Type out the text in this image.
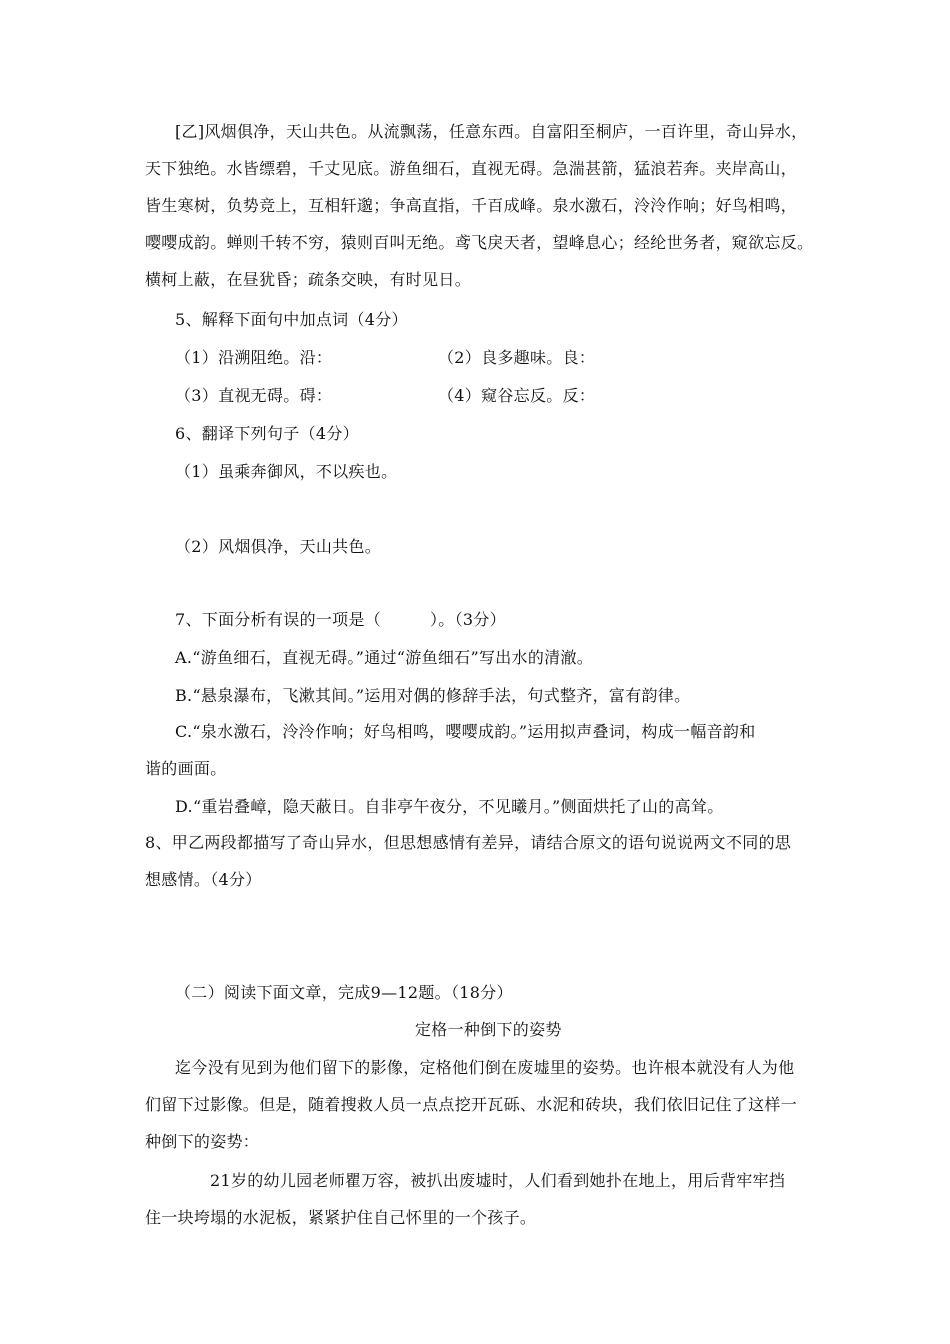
[乙]风烟俱净，天山共色。从流飘荡，任意东西。自富阳至桐庐，一百许里，奇山异水，
天下独绝。水皆缥碧，千丈见底。游鱼细石，直视无碍。急湍甚箭，猛浪若奔。夹岸高山，
皆生寒树，负势竞上，互相轩邈；争高直指，千百成峰。泉水激石，泠泠作响；好鸟相鸣，
嘤嘤成韵。蝉则千转不穷，猿则百叫无绝。鸢飞戾天者，望峰息心；经纶世务者，窥欲忘反。
横柯上蔽，在昼犹昏；疏条交映，有时见日。
5、解释下面句中加点词（4分）
（1）沿溯阻绝。沿：	（2）良多趣味。良：
（3）直视无碍。碍：	（4）窥谷忘反。反：
6、翻译下列句子（4分）
（1）虽乘奔御风，不以疾也。
（2）风烟俱净，天山共色。
7、下面分析有误的一项是（　　　）。（3分）
A.“游鱼细石，直视无碍。”通过“游鱼细石”写出水的清澈。
B.“悬泉瀑布，飞漱其间。”运用对偶的修辞手法，句式整齐，富有韵律。
C.“泉水激石，泠泠作响；好鸟相鸣，嘤嘤成韵。”运用拟声叠词，构成一幅音韵和
谐的画面。
D.“重岩叠嶂，隐天蔽日。自非亭午夜分，不见曦月。”侧面烘托了山的高耸。
8、甲乙两段都描写了奇山异水，但思想感情有差异，请结合原文的语句说说两文不同的思
想感情。（4分）
（二）阅读下面文章，完成9—12题。（18分）
定格一种倒下的姿势
迄今没有见到为他们留下的影像，定格他们倒在废墟里的姿势。也许根本就没有人为他
们留下过影像。但是，随着搜救人员一点点挖开瓦砾、水泥和砖块，我们依旧记住了这样一
种倒下的姿势：
21岁的幼儿园老师瞿万容，被扒出废墟时，人们看到她扑在地上，用后背牢牢挡
住一块垮塌的水泥板，紧紧护住自己怀里的一个孩子。
